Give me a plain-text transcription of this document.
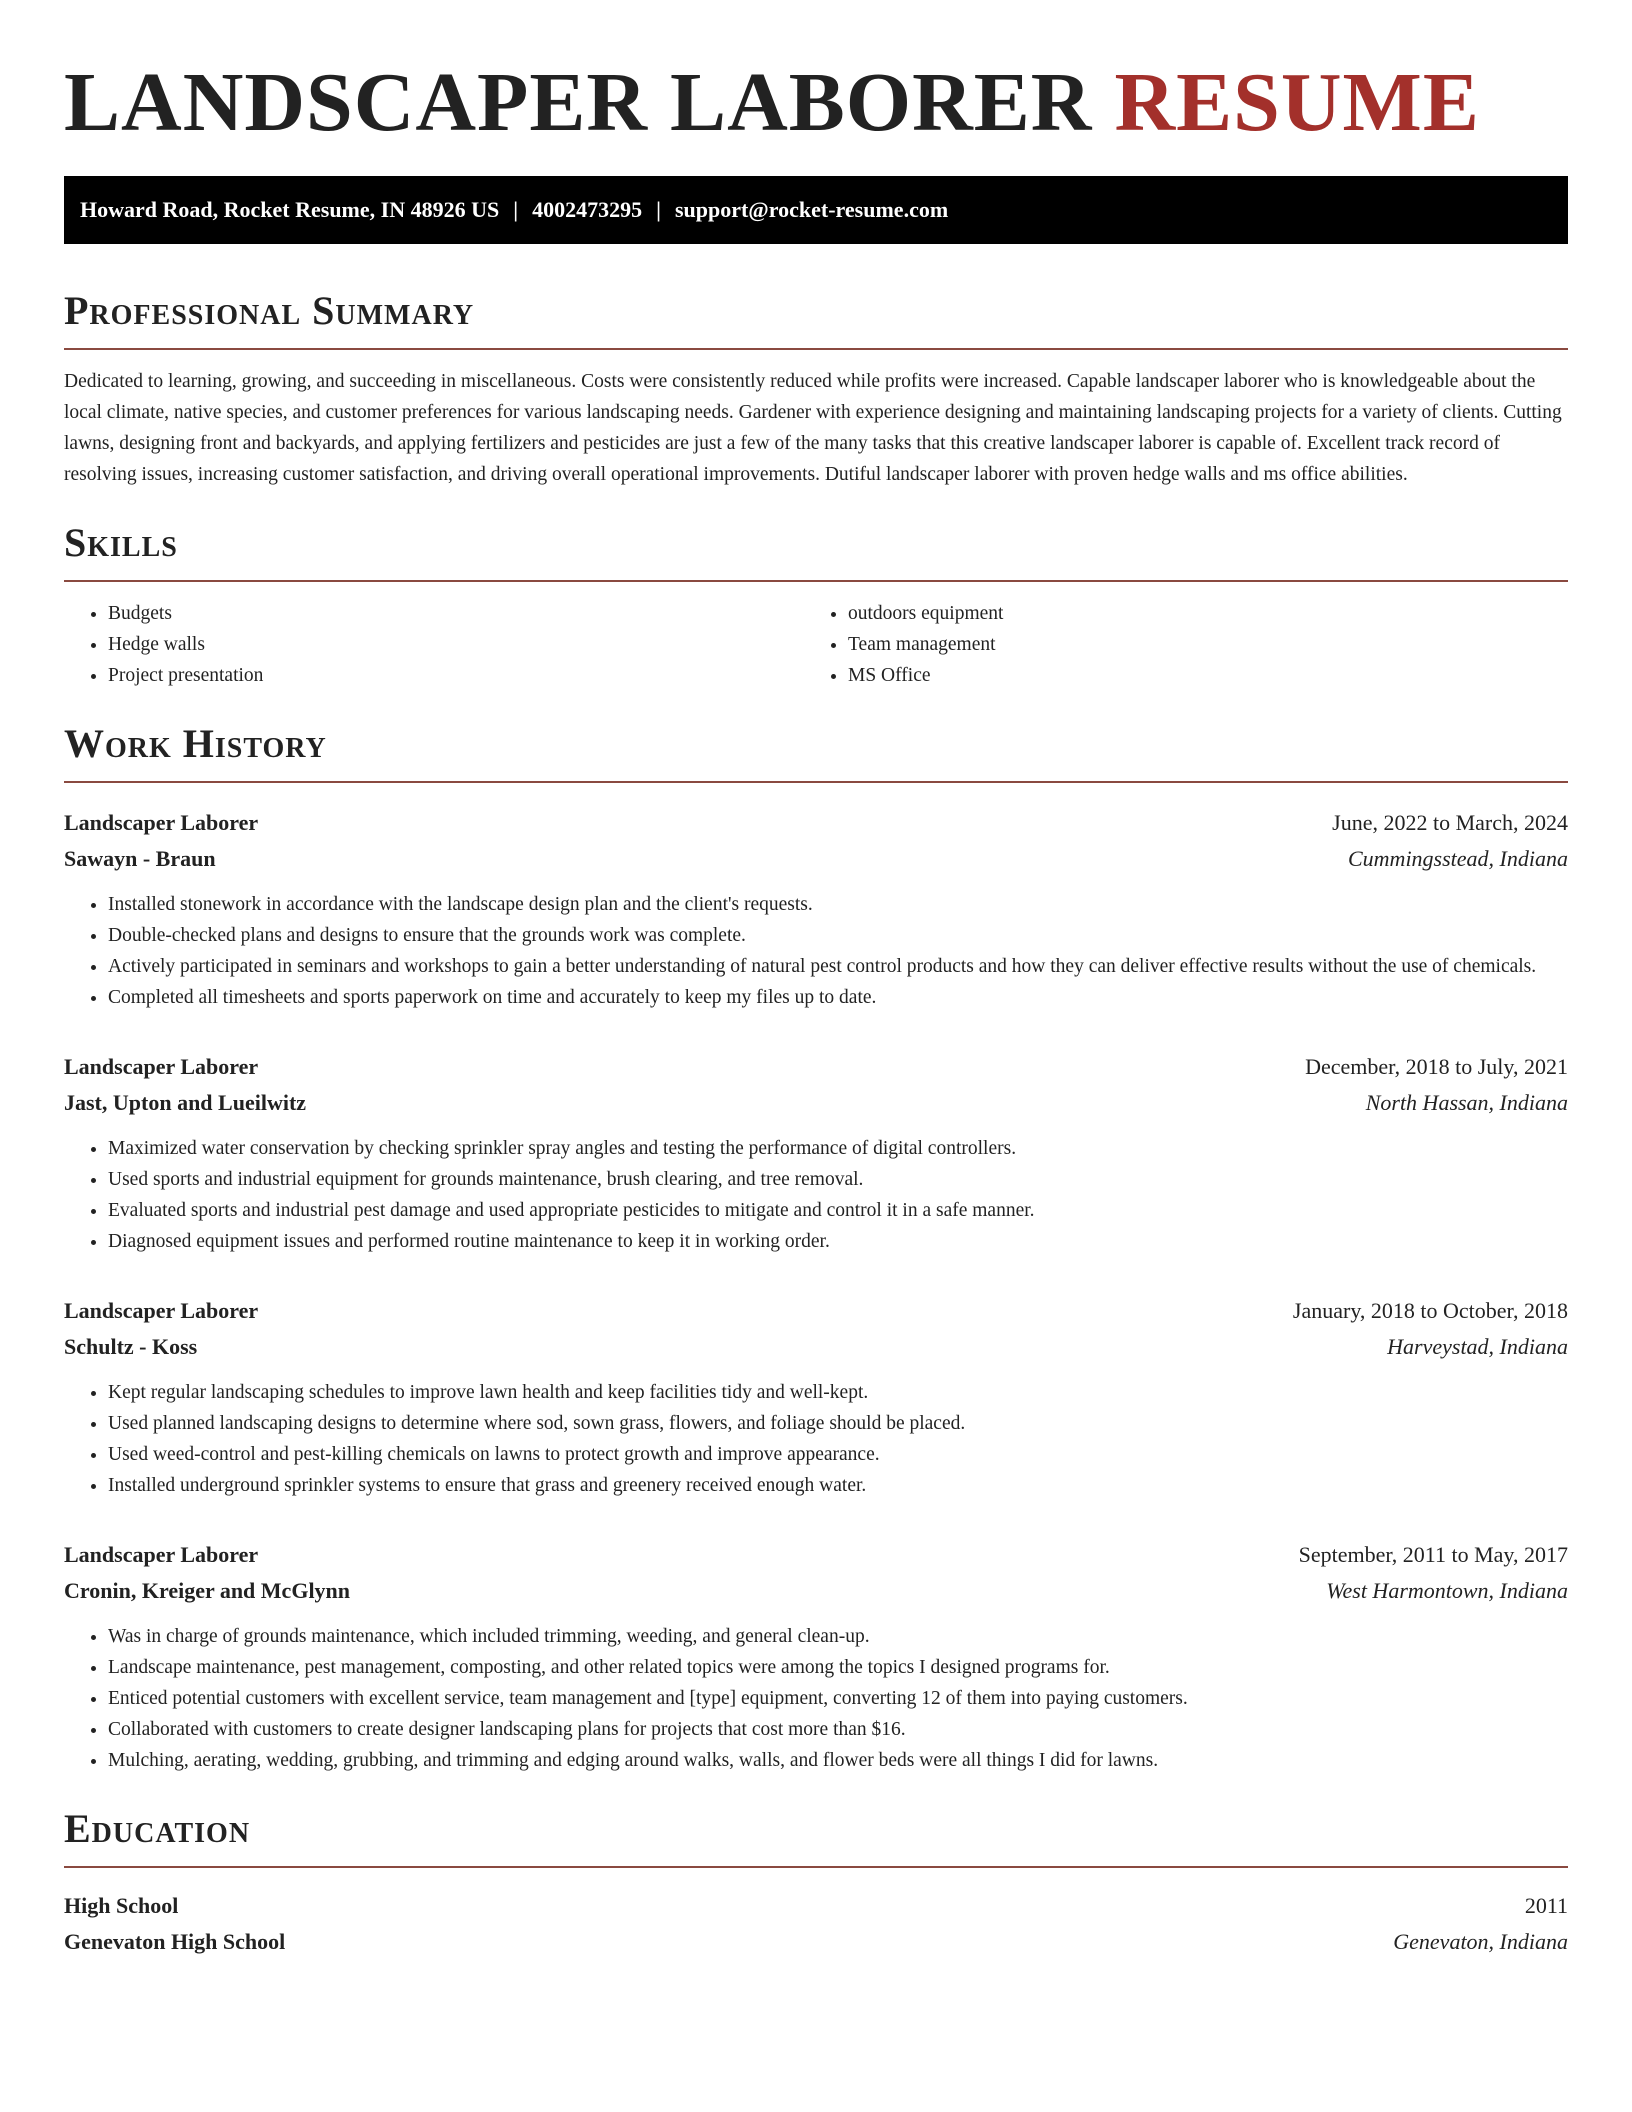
LANDSCAPER LABORER RESUME
Howard Road, Rocket Resume, IN 48926 US | 4002473295 | support@rocket-resume.com
Professional Summary

Dedicated to learning, growing, and succeeding in miscellaneous. Costs were consistently reduced while profits were increased. Capable landscaper laborer who is knowledgeable about the local climate, native species, and customer preferences for various landscaping needs. Gardener with experience designing and maintaining landscaping projects for a variety of clients. Cutting lawns, designing front and backyards, and applying fertilizers and pesticides are just a few of the many tasks that this creative landscaper laborer is capable of. Excellent track record of resolving issues, increasing customer satisfaction, and driving overall operational improvements. Dutiful landscaper laborer with proven hedge walls and ms office abilities.

Skills
• Budgets
• Hedge walls
• Project presentation
• outdoors equipment
• Team management
• MS Office
Work History
Landscaper Laborer	June, 2022 to March, 2024
Sawayn - Braun	Cummingsstead, Indiana
• Installed stonework in accordance with the landscape design plan and the client's requests.
• Double-checked plans and designs to ensure that the grounds work was complete.
• Actively participated in seminars and workshops to gain a better understanding of natural pest control products and how they can deliver effective results without the use of chemicals.
• Completed all timesheets and sports paperwork on time and accurately to keep my files up to date.
Landscaper Laborer	December, 2018 to July, 2021
Jast, Upton and Lueilwitz	North Hassan, Indiana
• Maximized water conservation by checking sprinkler spray angles and testing the performance of digital controllers.
• Used sports and industrial equipment for grounds maintenance, brush clearing, and tree removal.
• Evaluated sports and industrial pest damage and used appropriate pesticides to mitigate and control it in a safe manner.
• Diagnosed equipment issues and performed routine maintenance to keep it in working order.
Landscaper Laborer	January, 2018 to October, 2018
Schultz - Koss	Harveystad, Indiana
• Kept regular landscaping schedules to improve lawn health and keep facilities tidy and well-kept.
• Used planned landscaping designs to determine where sod, sown grass, flowers, and foliage should be placed.
• Used weed-control and pest-killing chemicals on lawns to protect growth and improve appearance.
• Installed underground sprinkler systems to ensure that grass and greenery received enough water.
Landscaper Laborer	September, 2011 to May, 2017
Cronin, Kreiger and McGlynn	West Harmontown, Indiana
• Was in charge of grounds maintenance, which included trimming, weeding, and general clean-up.
• Landscape maintenance, pest management, composting, and other related topics were among the topics I designed programs for.
• Enticed potential customers with excellent service, team management and [type] equipment, converting 12 of them into paying customers.
• Collaborated with customers to create designer landscaping plans for projects that cost more than $16.
• Mulching, aerating, wedding, grubbing, and trimming and edging around walks, walls, and flower beds were all things I did for lawns.
Education
High School	2011
Genevaton High School	Genevaton, Indiana
